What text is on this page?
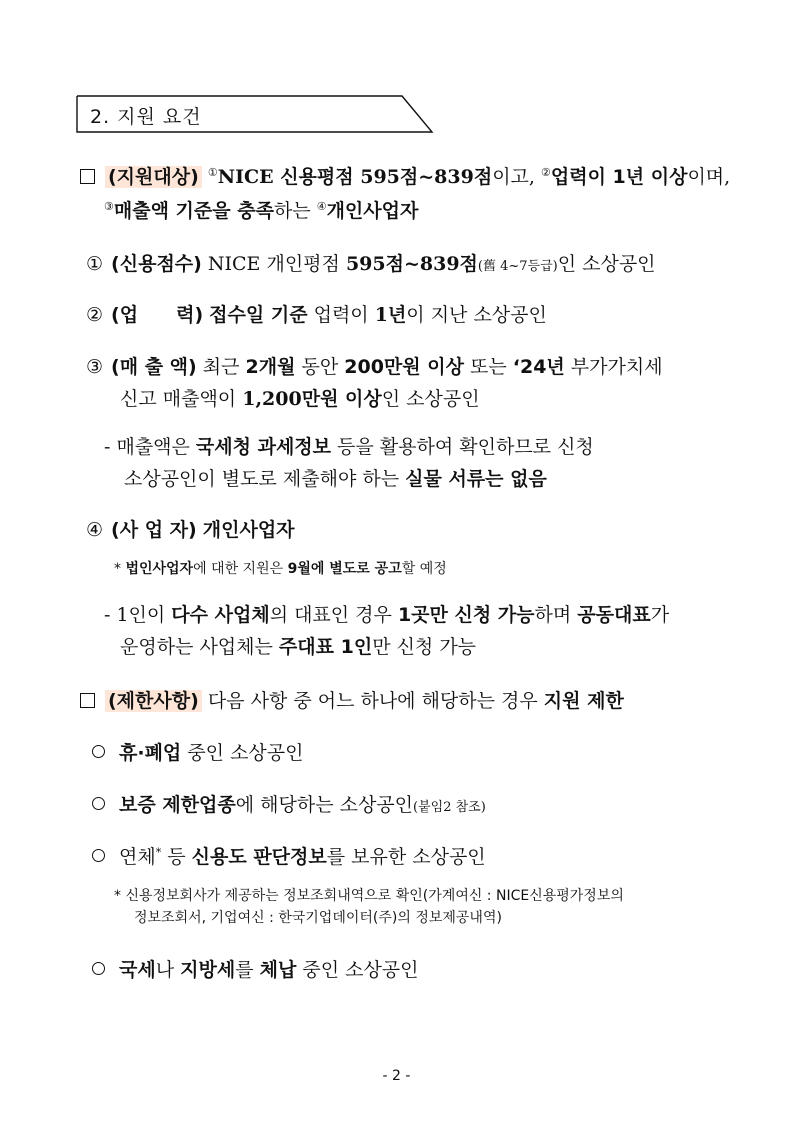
2. 지원 요건
(지원대상) ①NICE 신용평점 595점~839점이고, ②업력이 1년 이상이며,
③매출액 기준을 충족하는 ④개인사업자
① (신용점수) NICE 개인평점 595점~839점(舊 4~7등급)인 소상공인
② (업　　력) 접수일 기준 업력이 1년이 지난 소상공인
③ (매 출 액) 최근 2개월 동안 200만원 이상 또는 ‘24년 부가가치세
신고 매출액이 1,200만원 이상인 소상공인
- 매출액은 국세청 과세정보 등을 활용하여 확인하므로 신청
소상공인이 별도로 제출해야 하는 실물 서류는 없음
④ (사 업 자) 개인사업자
* 법인사업자에 대한 지원은 9월에 별도로 공고할 예정
- 1인이 다수 사업체의 대표인 경우 1곳만 신청 가능하며 공동대표가
운영하는 사업체는 주대표 1인만 신청 가능
(제한사항) 다음 사항 중 어느 하나에 해당하는 경우 지원 제한
휴·폐업 중인 소상공인
보증 제한업종에 해당하는 소상공인(붙임2 참조)
연체* 등 신용도 판단정보를 보유한 소상공인
* 신용정보회사가 제공하는 정보조회내역으로 확인(가계여신 : NICE신용평가정보의
정보조회서, 기업여신 : 한국기업데이터(주)의 정보제공내역)
국세나 지방세를 체납 중인 소상공인
- 2 -
